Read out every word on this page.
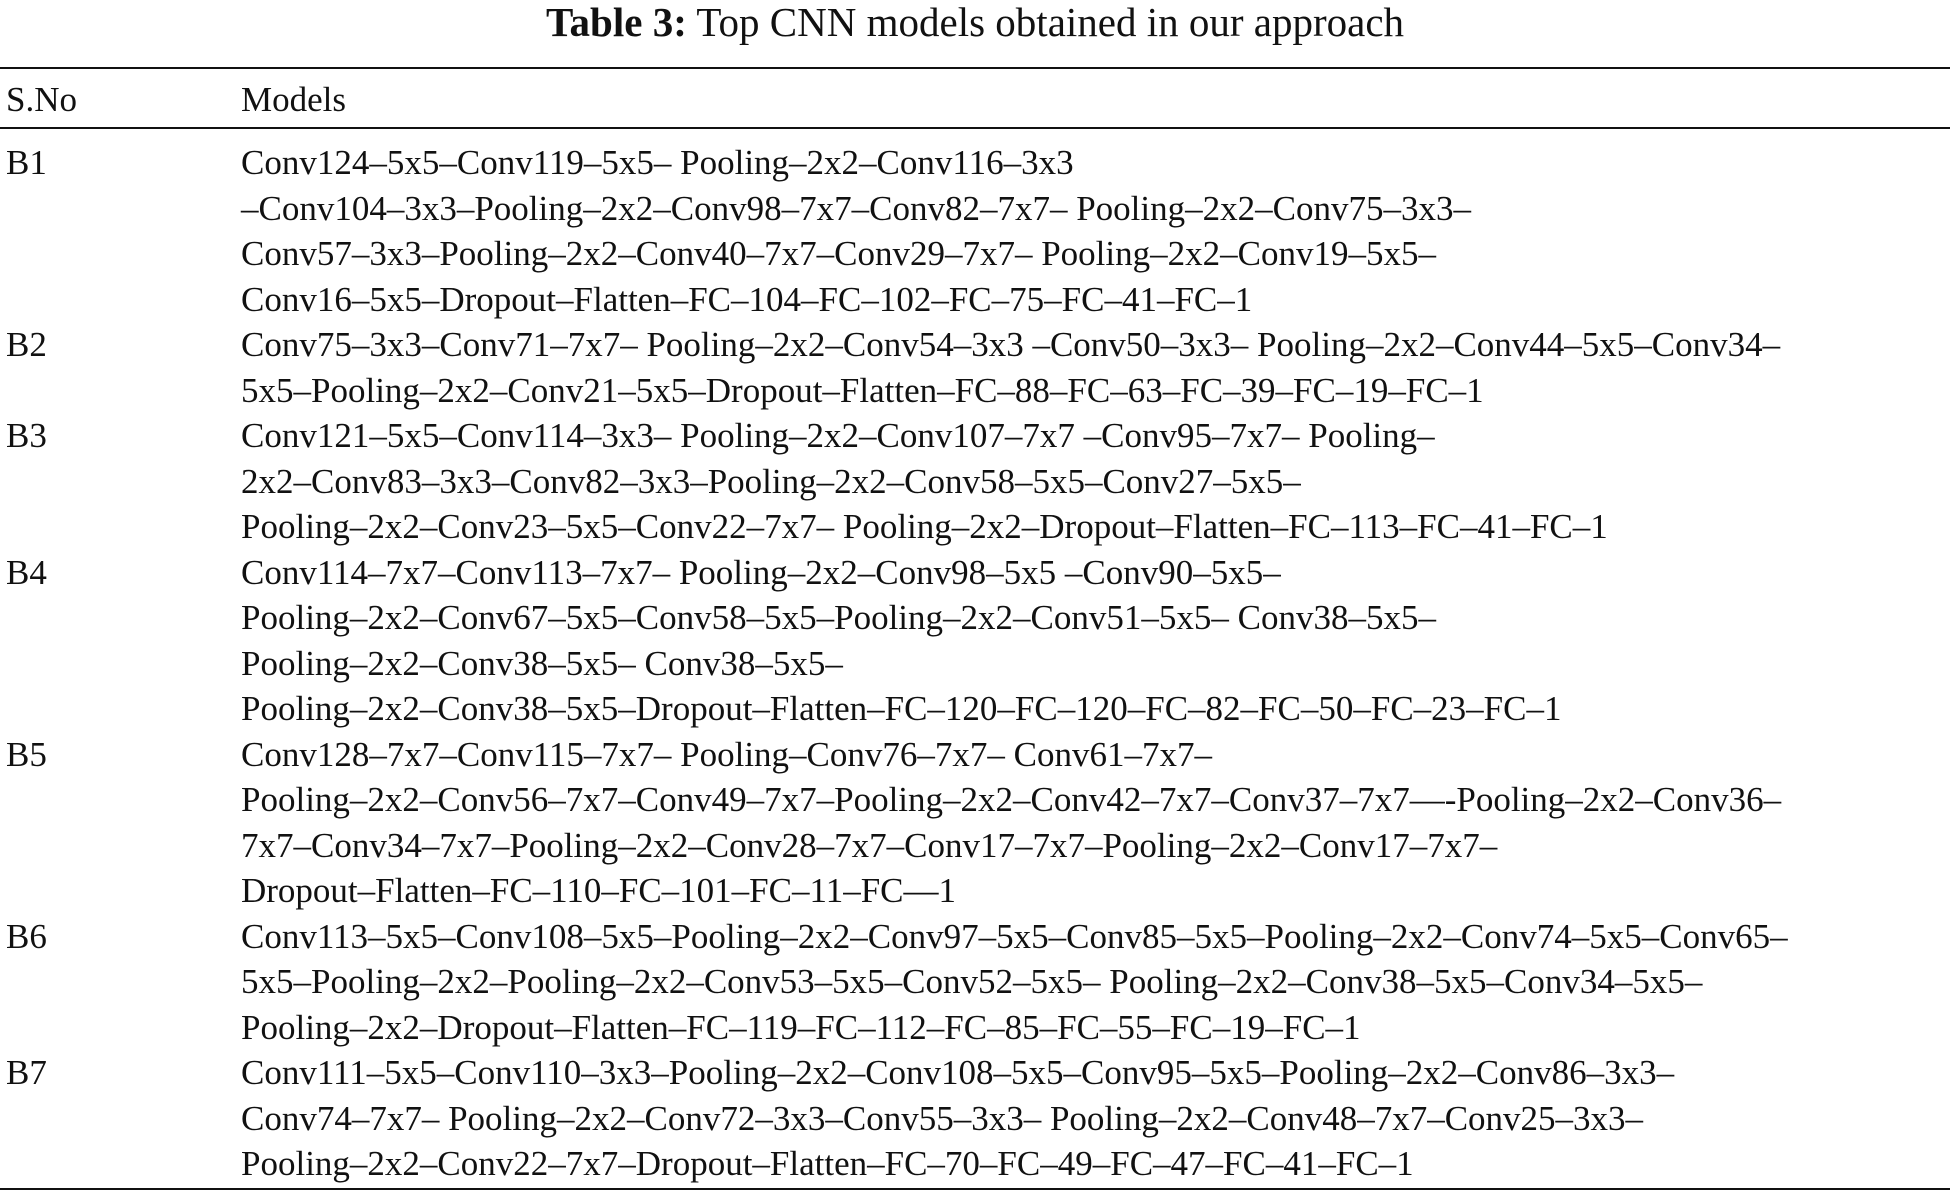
Table 3: Top CNN models obtained in our approach
S.No	Models
B1	Conv124–5x5–Conv119–5x5– Pooling–2x2–Conv116–3x3
–Conv104–3x3–Pooling–2x2–Conv98–7x7–Conv82–7x7– Pooling–2x2–Conv75–3x3–
Conv57–3x3–Pooling–2x2–Conv40–7x7–Conv29–7x7– Pooling–2x2–Conv19–5x5–
Conv16–5x5–Dropout–Flatten–FC–104–FC–102–FC–75–FC–41–FC–1
B2	Conv75–3x3–Conv71–7x7– Pooling–2x2–Conv54–3x3 –Conv50–3x3– Pooling–2x2–Conv44–5x5–Conv34–
5x5–Pooling–2x2–Conv21–5x5–Dropout–Flatten–FC–88–FC–63–FC–39–FC–19–FC–1
B3	Conv121–5x5–Conv114–3x3– Pooling–2x2–Conv107–7x7 –Conv95–7x7– Pooling–
2x2–Conv83–3x3–Conv82–3x3–Pooling–2x2–Conv58–5x5–Conv27–5x5–
Pooling–2x2–Conv23–5x5–Conv22–7x7– Pooling–2x2–Dropout–Flatten–FC–113–FC–41–FC–1
B4	Conv114–7x7–Conv113–7x7– Pooling–2x2–Conv98–5x5 –Conv90–5x5–
Pooling–2x2–Conv67–5x5–Conv58–5x5–Pooling–2x2–Conv51–5x5– Conv38–5x5–
Pooling–2x2–Conv38–5x5– Conv38–5x5–
Pooling–2x2–Conv38–5x5–Dropout–Flatten–FC–120–FC–120–FC–82–FC–50–FC–23–FC–1
B5	Conv128–7x7–Conv115–7x7– Pooling–Conv76–7x7– Conv61–7x7–
Pooling–2x2–Conv56–7x7–Conv49–7x7–Pooling–2x2–Conv42–7x7–Conv37–7x7—-Pooling–2x2–Conv36–
7x7–Conv34–7x7–Pooling–2x2–Conv28–7x7–Conv17–7x7–Pooling–2x2–Conv17–7x7–
Dropout–Flatten–FC–110–FC–101–FC–11–FC—1
B6	Conv113–5x5–Conv108–5x5–Pooling–2x2–Conv97–5x5–Conv85–5x5–Pooling–2x2–Conv74–5x5–Conv65–
5x5–Pooling–2x2–Pooling–2x2–Conv53–5x5–Conv52–5x5– Pooling–2x2–Conv38–5x5–Conv34–5x5–
Pooling–2x2–Dropout–Flatten–FC–119–FC–112–FC–85–FC–55–FC–19–FC–1
B7	Conv111–5x5–Conv110–3x3–Pooling–2x2–Conv108–5x5–Conv95–5x5–Pooling–2x2–Conv86–3x3–
Conv74–7x7– Pooling–2x2–Conv72–3x3–Conv55–3x3– Pooling–2x2–Conv48–7x7–Conv25–3x3–
Pooling–2x2–Conv22–7x7–Dropout–Flatten–FC–70–FC–49–FC–47–FC–41–FC–1
